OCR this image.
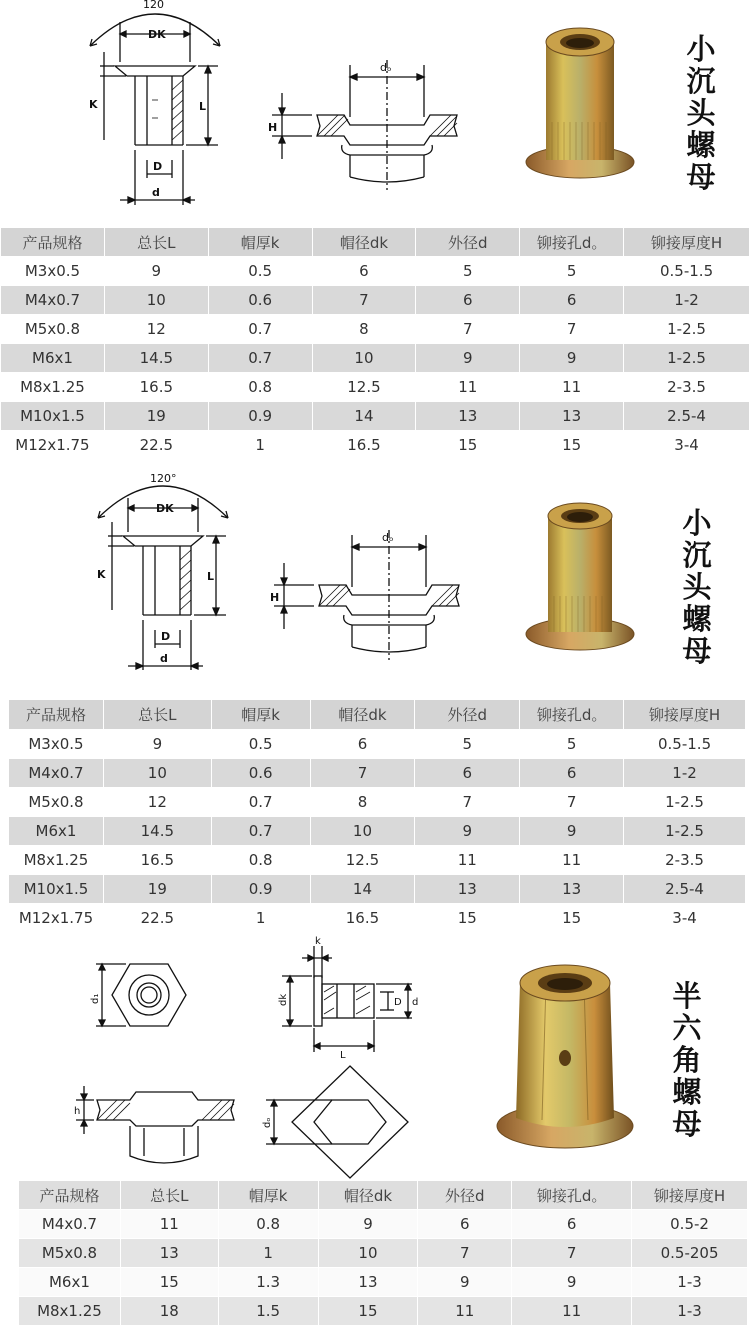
120
DK
K	L
D
d
H
dₒ
小沉头螺母
产品规格	总长L	帽厚k	帽径dk	外径d	铆接孔d。	铆接厚度H
M3x0.5	9	0.5	6	5	5	0.5-1.5
M4x0.7	10	0.6	7	6	6	1-2
M5x0.8	12	0.7	8	7	7	1-2.5
M6x1	14.5	0.7	10	9	9	1-2.5
M8x1.25	16.5	0.8	12.5	11	11	2-3.5
M10x1.5	19	0.9	14	13	13	2.5-4
M12x1.75	22.5	1	16.5	15	15	3-4
120°
DK
K	L
D
d
H
dₒ	小沉头螺母
产品规格	总长L	帽厚k	帽径dk	外径d	铆接孔d。	铆接厚度H
M3x0.5	9	0.5	6	5	5	0.5-1.5
M4x0.7	10	0.6	7	6	6	1-2
M5x0.8	12	0.7	8	7	7	1-2.5
M6x1	14.5	0.7	10	9	9	1-2.5
M8x1.25	16.5	0.8	12.5	11	11	2-3.5
M10x1.5	19	0.9	14	13	13	2.5-4
M12x1.75	22.5	1	16.5	15	15	3-4
d₁
k
dk	D d
L
h
dₒ
半六角螺母
产品规格	总长L	帽厚k	帽径dk	外径d	铆接孔d。	铆接厚度H
M4x0.7	11	0.8	9	6	6	0.5-2
M5x0.8	13	1	10	7	7	0.5-205
M6x1	15	1.3	13	9	9	1-3
M8x1.25	18	1.5	15	11	11	1-3
